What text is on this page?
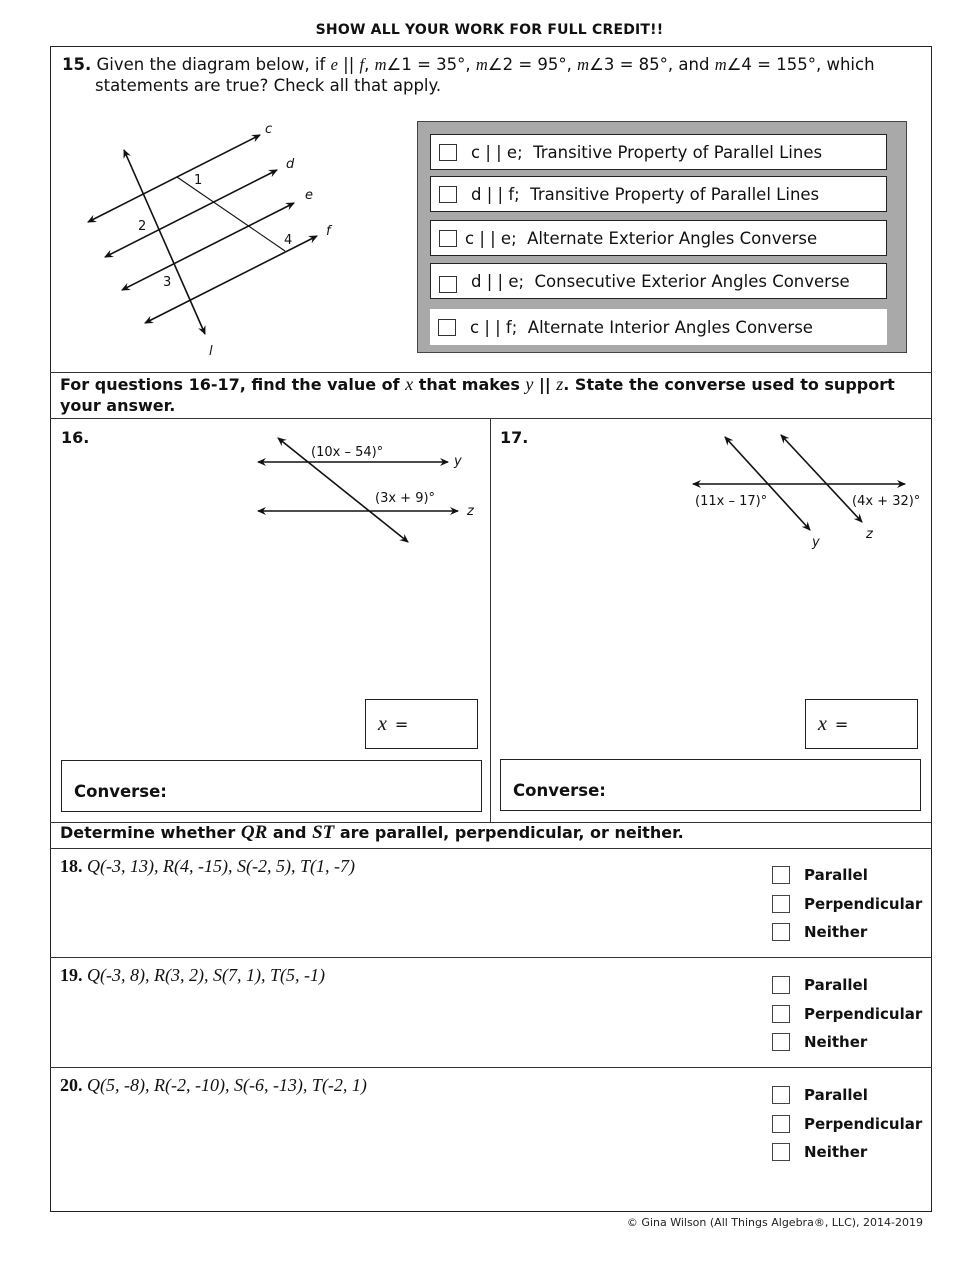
SHOW ALL YOUR WORK FOR FULL CREDIT!!
15. Given the diagram below, if e || f, m∠1 = 35°, m∠2 = 95°, m∠3 = 85°, and m∠4 = 155°, which
statements are true? Check all that apply.
c
d
e
f
l
1
2
3
4
c | | e;  Transitive Property of Parallel Lines
d | | f;  Transitive Property of Parallel Lines
c | | e;  Alternate Exterior Angles Converse
d | | e;  Consecutive Exterior Angles Converse
c | | f;  Alternate Interior Angles Converse
For questions 16-17, find the value of x that makes y || z. State the converse used to support your answer.
16.
(10x – 54)°
(3x + 9)°
y
z
x =
Converse:
17.
(11x – 17)°	(4x + 32)°
y
z
x =
Converse:
Determine whether QR and ST are parallel, perpendicular, or neither.
18. Q(-3, 13), R(4, -15), S(-2, 5), T(1, -7)	Parallel
Perpendicular
Neither
19. Q(-3, 8), R(3, 2), S(7, 1), T(5, -1)
Parallel
Perpendicular
Neither
20. Q(5, -8), R(-2, -10), S(-6, -13), T(-2, 1)
Parallel
Perpendicular
Neither
© Gina Wilson (All Things Algebra®, LLC), 2014-2019
